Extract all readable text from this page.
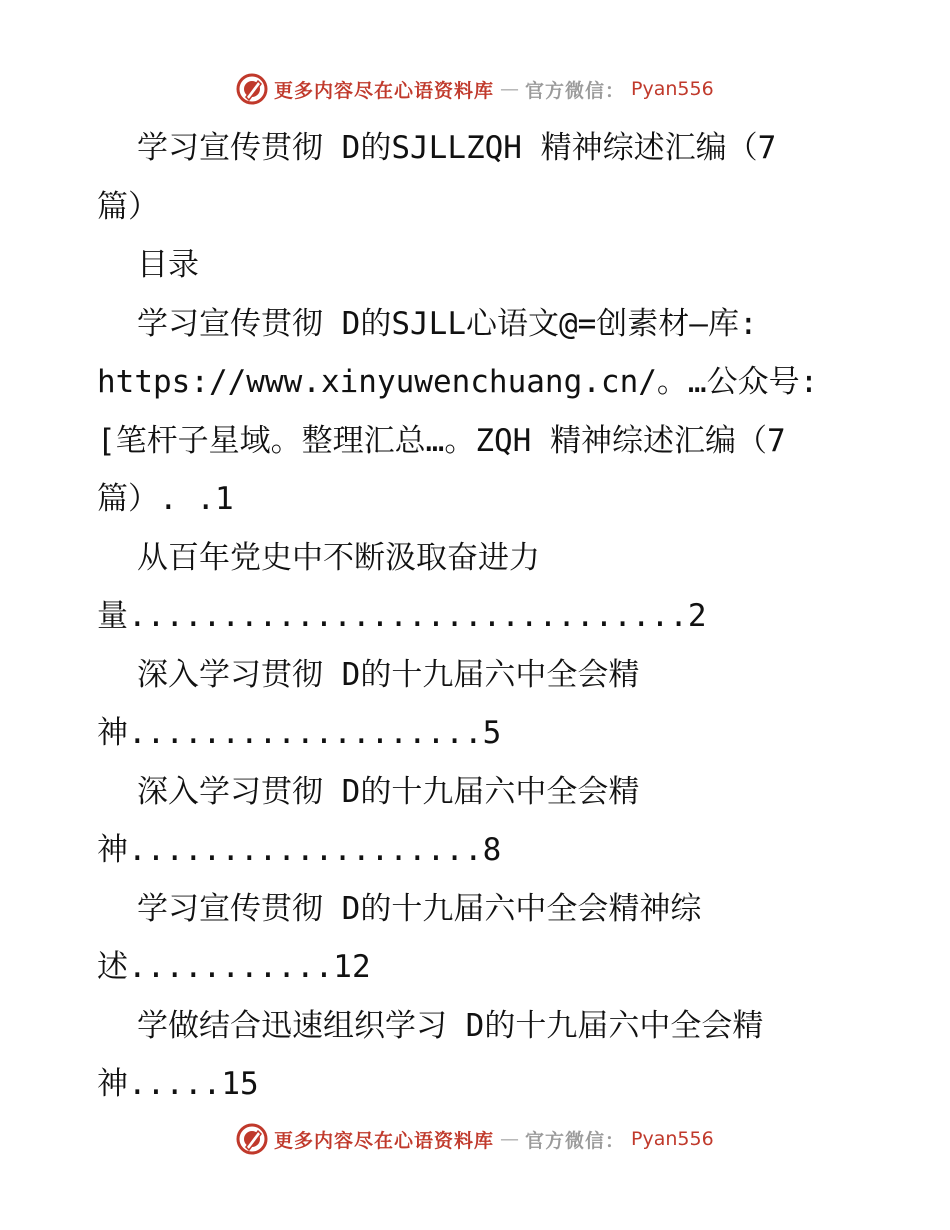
更多内容尽在心语资料库 — 官方微信： Pyan556
学习宣传贯彻 D的SJLLZQH 精神综述汇编（7
篇）
目录
学习宣传贯彻 D的SJLL心语文@=创素材—库:
https://www.xinyuwenchuang.cn/。…公众号:
[笔杆子星域。整理汇总…。ZQH 精神综述汇编（7
篇）. .1
从百年党史中不断汲取奋进力
量..............................2
深入学习贯彻 D的十九届六中全会精
神...................5
深入学习贯彻 D的十九届六中全会精
神...................8
学习宣传贯彻 D的十九届六中全会精神综
述...........12
学做结合迅速组织学习 D的十九届六中全会精
神.....15
更多内容尽在心语资料库 — 官方微信： Pyan556
